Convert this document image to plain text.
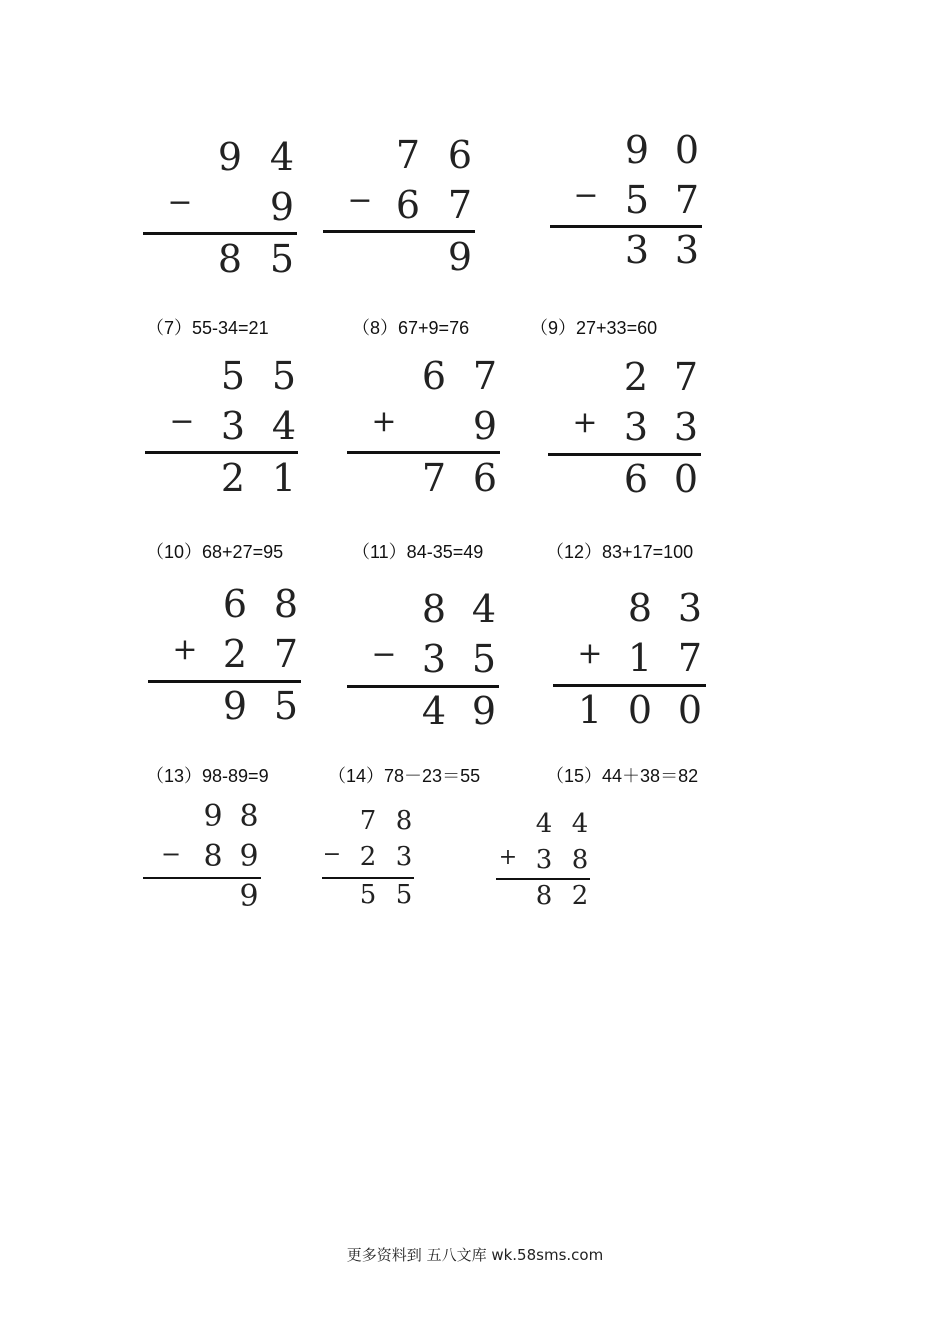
9 4
− 9
8 5
7 6
− 6 7
9
9 0
− 5 7
3 3
（7）55-34=21	（8）67+9=76	（9）27+33=60
5 5
− 3 4
2 1
6 7
+ 9
7 6
2 7
+ 3 3
6 0
（10）68+27=95	（11）84-35=49	（12）83+17=100
6 8
+ 2 7
9 5
8 4
− 3 5
4 9
8 3
+ 1 7
1 0 0
（13）98-89=9	（14）78－23＝55	（15）44＋38＝82
9 8
− 8 9
9
7 8
− 2 3
5 5
4 4
+ 3 8
8 2
更多资料到 五八文库 wk.58sms.com
